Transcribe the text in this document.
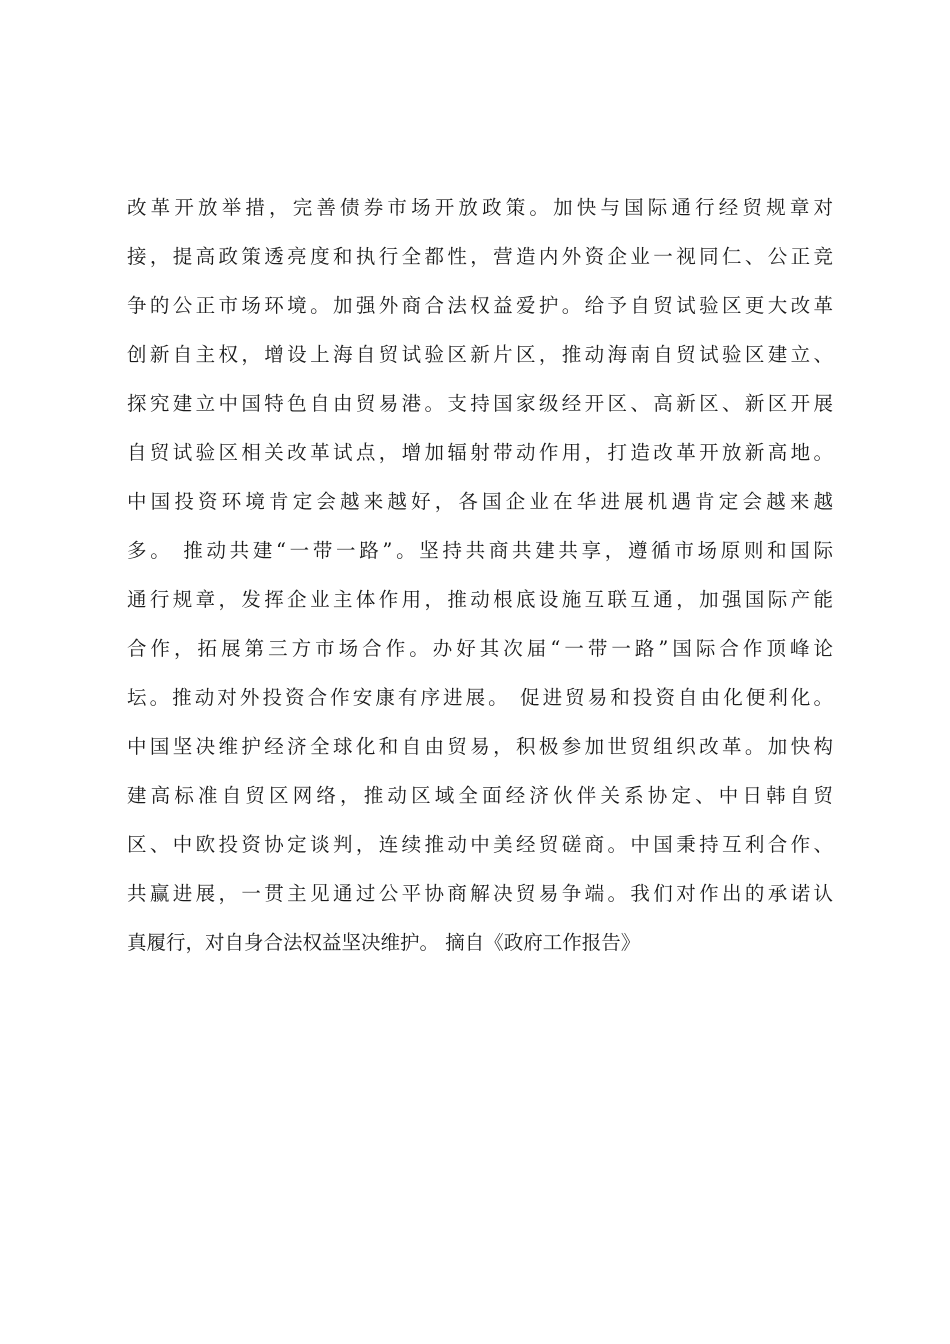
改革开放举措，完善债券市场开放政策。加快与国际通行经贸规章对
接，提高政策透亮度和执行全都性，营造内外资企业一视同仁、公正竞
争的公正市场环境。加强外商合法权益爱护。给予自贸试验区更大改革
创新自主权，增设上海自贸试验区新片区，推动海南自贸试验区建立、
探究建立中国特色自由贸易港。支持国家级经开区、高新区、新区开展
自贸试验区相关改革试点，增加辐射带动作用，打造改革开放新高地。
中国投资环境肯定会越来越好，各国企业在华进展机遇肯定会越来越
多。 推动共建“一带一路”。坚持共商共建共享，遵循市场原则和国际
通行规章，发挥企业主体作用，推动根底设施互联互通，加强国际产能
合作，拓展第三方市场合作。办好其次届“一带一路”国际合作顶峰论
坛。推动对外投资合作安康有序进展。 促进贸易和投资自由化便利化。
中国坚决维护经济全球化和自由贸易，积极参加世贸组织改革。加快构
建高标准自贸区网络，推动区域全面经济伙伴关系协定、中日韩自贸
区、中欧投资协定谈判，连续推动中美经贸磋商。中国秉持互利合作、
共赢进展，一贯主见通过公平协商解决贸易争端。我们对作出的承诺认
真履行，对自身合法权益坚决维护。 摘自《政府工作报告》
